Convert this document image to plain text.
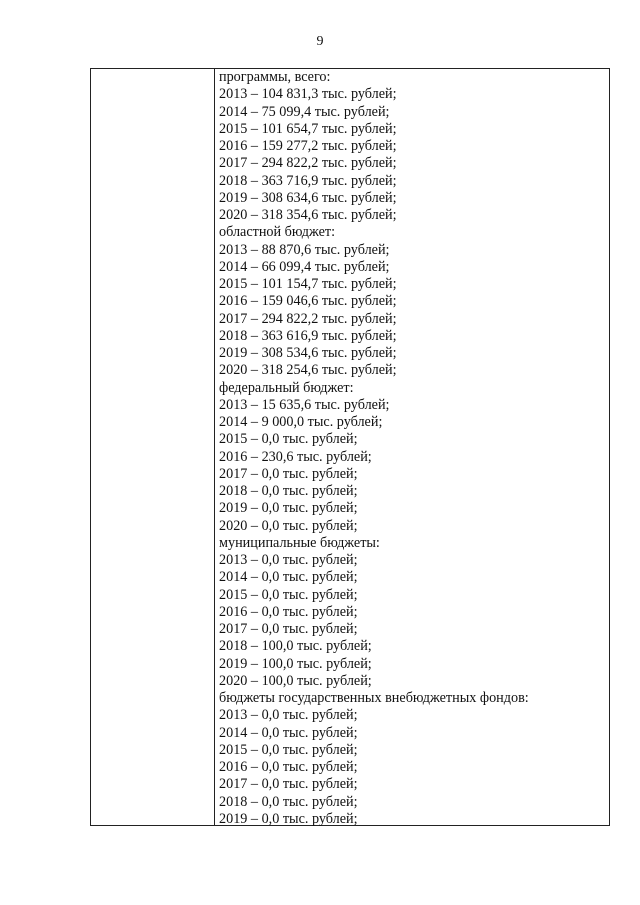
9
программы, всего:
2013 – 104 831,3 тыс. рублей;
2014 – 75 099,4 тыс. рублей;
2015 – 101 654,7 тыс. рублей;
2016 – 159 277,2 тыс. рублей;
2017 – 294 822,2 тыс. рублей;
2018 – 363 716,9 тыс. рублей;
2019 – 308 634,6 тыс. рублей;
2020 – 318 354,6 тыс. рублей;
областной бюджет:
2013 – 88 870,6 тыс. рублей;
2014 – 66 099,4 тыс. рублей;
2015 – 101 154,7 тыс. рублей;
2016 – 159 046,6 тыс. рублей;
2017 – 294 822,2 тыс. рублей;
2018 – 363 616,9 тыс. рублей;
2019 – 308 534,6 тыс. рублей;
2020 – 318 254,6 тыс. рублей;
федеральный бюджет:
2013 – 15 635,6 тыс. рублей;
2014 – 9 000,0 тыс. рублей;
2015 – 0,0 тыс. рублей;
2016 – 230,6 тыс. рублей;
2017 – 0,0 тыс. рублей;
2018 – 0,0 тыс. рублей;
2019 – 0,0 тыс. рублей;
2020 – 0,0 тыс. рублей;
муниципальные бюджеты:
2013 – 0,0 тыс. рублей;
2014 – 0,0 тыс. рублей;
2015 – 0,0 тыс. рублей;
2016 – 0,0 тыс. рублей;
2017 – 0,0 тыс. рублей;
2018 – 100,0 тыс. рублей;
2019 – 100,0 тыс. рублей;
2020 – 100,0 тыс. рублей;
бюджеты государственных внебюджетных фондов:
2013 – 0,0 тыс. рублей;
2014 – 0,0 тыс. рублей;
2015 – 0,0 тыс. рублей;
2016 – 0,0 тыс. рублей;
2017 – 0,0 тыс. рублей;
2018 – 0,0 тыс. рублей;
2019 – 0,0 тыс. рублей;
